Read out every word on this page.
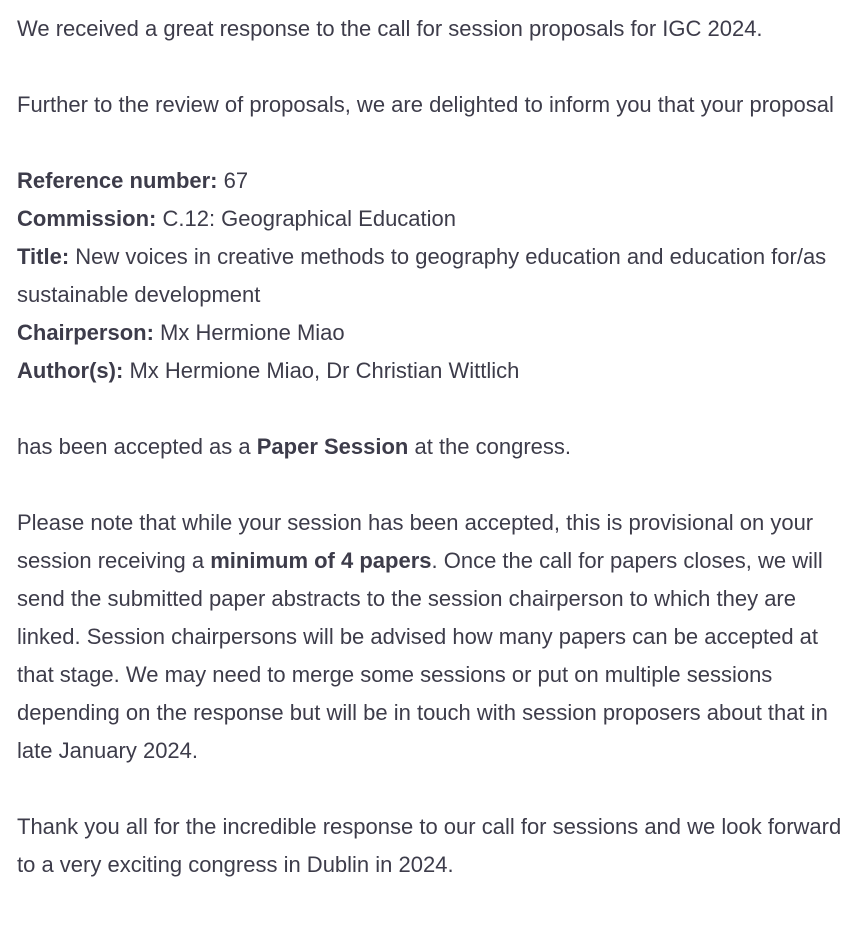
We received a great response to the call for session proposals for IGC 2024.

Further to the review of proposals, we are delighted to inform you that your proposal

Reference number: 67
Commission: C.12: Geographical Education
Title: New voices in creative methods to geography education and education for/as sustainable development
Chairperson: Mx Hermione Miao
Author(s): Mx Hermione Miao, Dr Christian Wittlich

has been accepted as a Paper Session at the congress.

Please note that while your session has been accepted, this is provisional on your session receiving a minimum of 4 papers. Once the call for papers closes, we will send the submitted paper abstracts to the session chairperson to which they are linked. Session chairpersons will be advised how many papers can be accepted at that stage. We may need to merge some sessions or put on multiple sessions depending on the response but will be in touch with session proposers about that in late January 2024.

Thank you all for the incredible response to our call for sessions and we look forward to a very exciting congress in Dublin in 2024.
